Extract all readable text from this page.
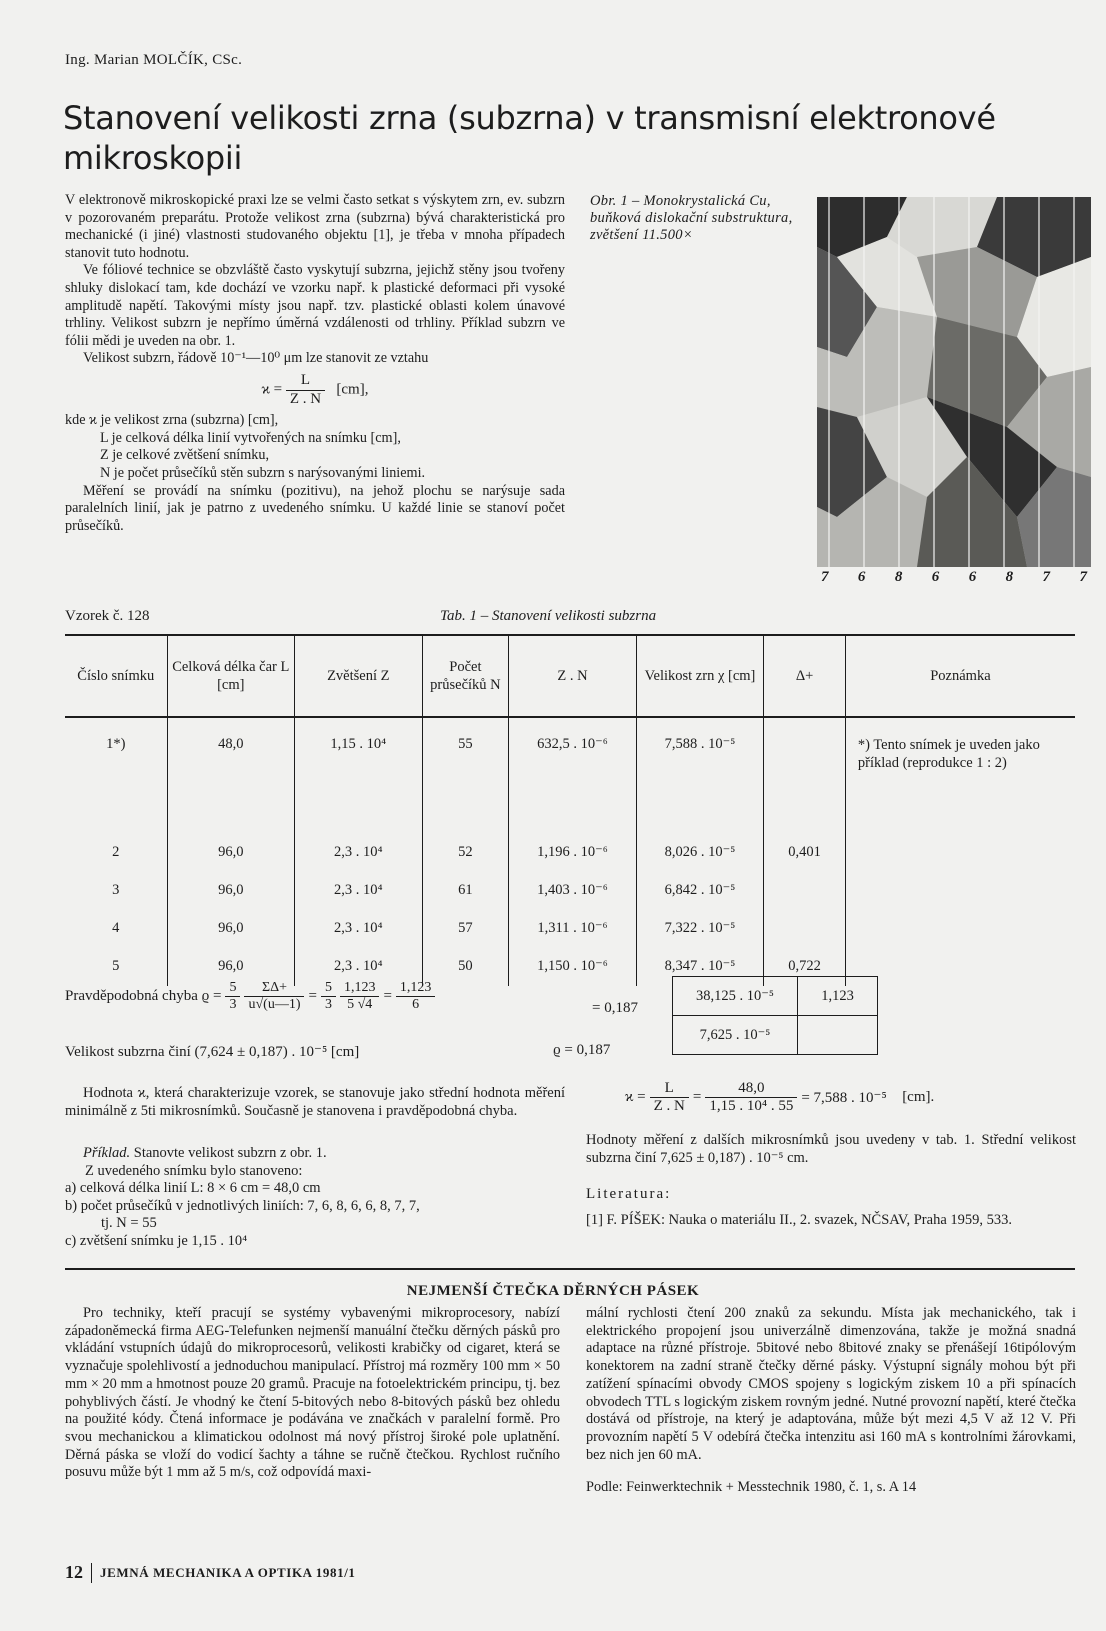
Ing. Marian MOLČÍK, CSc.
Stanovení velikosti zrna (subzrna) v transmisní elektronové mikroskopii

V elektronově mikroskopické praxi lze se velmi často setkat s výskytem zrn, ev. subzrn v pozorovaném preparátu. Protože velikost zrna (subzrna) bývá charakteristická pro mechanické (i jiné) vlastnosti studovaného objektu [1], je třeba v mnoha případech stanovit tuto hodnotu.

Ve fóliové technice se obzvláště často vyskytují subzrna, jejichž stěny jsou tvořeny shluky dislokací tam, kde dochází ve vzorku např. k plastické deformaci při vysoké amplitudě napětí. Takovými místy jsou např. tzv. plastické oblasti kolem únavové trhliny. Velikost subzrn je nepřímo úměrná vzdálenosti od trhliny. Příklad subzrn ve fólii mědi je uveden na obr. 1.

Velikost subzrn, řádově 10⁻¹—10⁰ μm lze stanovit ze vztahu

$ϰ = \frac{L}{Z . N} [cm]$,
kde ϰ je velikost zrna (subzrna) [cm],
L je celková délka linií vytvořených na snímku [cm],
Z je celkové zvětšení snímku,
N je počet průsečíků stěn subzrn s narýsovanými liniemi.

Měření se provádí na snímku (pozitivu), na jehož plochu se narýsuje sada paralelních linií, jak je patrno z uvedeného snímku. U každé linie se stanoví počet průsečíků.

Obr. 1 – Monokrystalická Cu, buňková dislokační substruktura, zvětšení 11.500×
7 6 8 6 6 8 7 7
Vzorek č. 128	Tab. 1 – Stanovení velikosti subzrna
Číslo snímku	Celková délka čar L [cm]	Zvětšení Z	Počet průsečíků N	Z . N	Velikost zrn χ [cm]	Δ+	Poznámka
1*)	48,0	1,15 . 10⁴	55	632,5 . 10⁻⁶	7,588 . 10⁻⁵		*) Tento snímek je uveden jako příklad (reprodukce 1 : 2)
2	96,0	2,3 . 10⁴	52	1,196 . 10⁻⁶	8,026 . 10⁻⁵	0,401	
3	96,0	2,3 . 10⁴	61	1,403 . 10⁻⁶	6,842 . 10⁻⁵		
4	96,0	2,3 . 10⁴	57	1,311 . 10⁻⁶	7,322 . 10⁻⁵		
5	96,0	2,3 . 10⁴	50	1,150 . 10⁻⁶	8,347 . 10⁻⁵	0,722	
Pravděpodobná chyba $ϱ = \frac{5}{3} \frac{\Sigma\Delta+}{u√(u—1)} = \frac{5}{3} \frac{1,123}{5 √4} = \frac{1,123}{6}$	= 0,187
38,125 . 10⁻⁵	1,123
7,625 . 10⁻⁵	
Velikost subzrna činí (7,624 ± 0,187) . 10⁻⁵ [cm]	ϱ = 0,187

Hodnota ϰ, která charakterizuje vzorek, se stanovuje jako střední hodnota měření minimálně z 5ti mikrosnímků. Současně je stanovena i pravděpodobná chyba.

Příklad. Stanovte velikost subzrn z obr. 1.

Z uvedeného snímku bylo stanoveno:

a) celková délka linií L: 8 × 6 cm = 48,0 cm

b) počet průsečíků v jednotlivých liniích: 7, 6, 8, 6, 6, 8, 7, 7,

tj. N = 55

c) zvětšení snímku je 1,15 . 10⁴

$ϰ = \frac{L}{Z . N} = \frac{48,0}{\text{1,15 . 10⁴ . 55}} = 7,588$ . 10⁻⁵
[cm].

Hodnoty měření z dalších mikrosnímků jsou uvedeny v tab. 1. Střední velikost subzrna činí 7,625 ± 0,187) . 10⁻⁵ cm.

Literatura:
[1] F. PÍŠEK: Nauka o materiálu II., 2. svazek, NČSAV, Praha 1959, 533.
NEJMENŠÍ ČTEČKA DĚRNÝCH PÁSEK

Pro techniky, kteří pracují se systémy vybavenými mikroprocesory, nabízí západoněmecká firma AEG-Telefunken nejmenší manuální čtečku děrných pásků pro vkládání vstupních údajů do mikroprocesorů, velikosti krabičky od cigaret, která se vyznačuje spolehlivostí a jednoduchou manipulací. Přístroj má rozměry 100 mm × 50 mm × 20 mm a hmotnost pouze 20 gramů. Pracuje na fotoelektrickém principu, tj. bez pohyblivých částí. Je vhodný ke čtení 5-bitových nebo 8-bitových pásků bez ohledu na použité kódy. Čtená informace je podávána ve značkách v paralelní formě. Pro svou mechanickou a klimatickou odolnost má nový přístroj široké pole uplatnění. Děrná páska se vloží do vodicí šachty a táhne se ručně čtečkou. Rychlost ručního posuvu může být 1 mm až 5 m/s, což odpovídá maxi-

mální rychlosti čtení 200 znaků za sekundu. Místa jak mechanického, tak i elektrického propojení jsou univerzálně dimenzována, takže je možná snadná adaptace na různé přístroje. 5bitové nebo 8bitové znaky se přenášejí 16tipólovým konektorem na zadní straně čtečky děrné pásky. Výstupní signály mohou být při zatížení spínacími obvody CMOS spojeny s logickým ziskem 10 a při spínacích obvodech TTL s logickým ziskem rovným jedné. Nutné provozní napětí, které čtečka dostává od přístroje, na který je adaptována, může být mezi 4,5 V až 12 V. Při provozním napětí 5 V odebírá čtečka intenzitu asi 160 mA s kontrolními žárovkami, bez nich jen 60 mA.

Podle: Feinwerktechnik + Messtechnik 1980, č. 1, s. A 14

12 JEMNÁ MECHANIKA A OPTIKA 1981/1
